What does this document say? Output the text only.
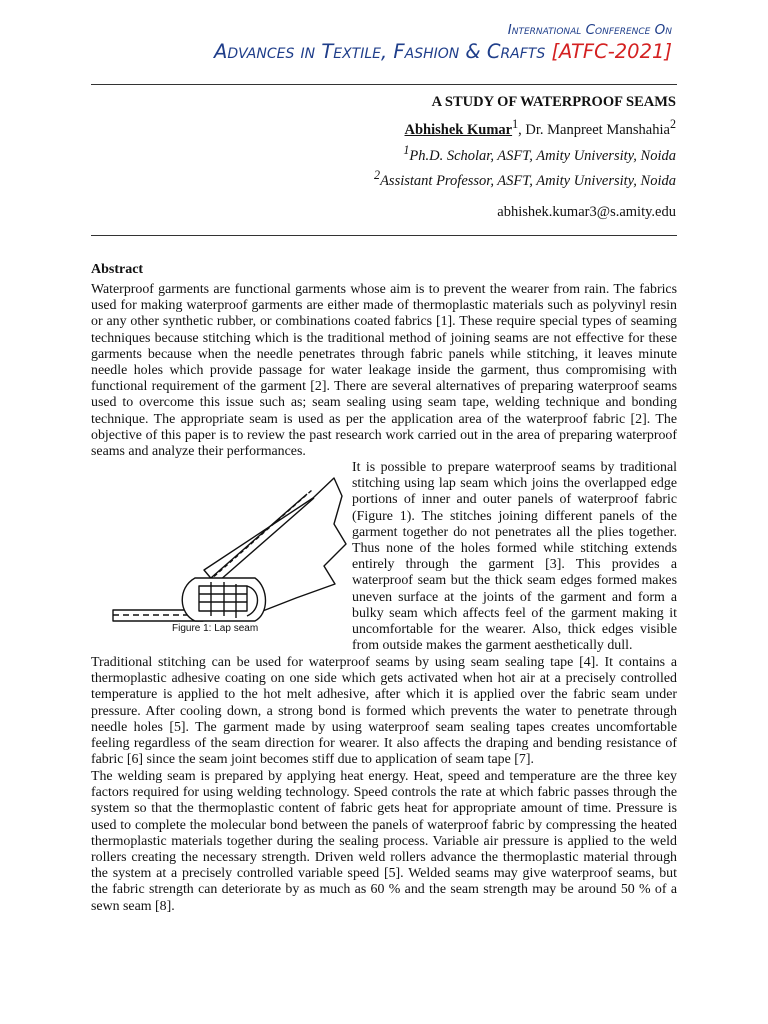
International Conference On
Advances in Textile, Fashion & Crafts [ATFC-2021]
A STUDY OF WATERPROOF SEAMS
Abhishek Kumar$^1$, Dr. Manpreet Manshahia$^2$
$^1$Ph.D. Scholar, ASFT, Amity University, Noida
$^2$Assistant Professor, ASFT, Amity University, Noida
abhishek.kumar3@s.amity.edu
Abstract

Waterproof garments are functional garments whose aim is to prevent the wearer from rain. The fabrics used for making waterproof garments are either made of thermoplastic materials such as polyvinyl resin or any other synthetic rubber, or combinations coated fabrics [1]. These require special types of seaming techniques because stitching which is the traditional method of joining seams are not effective for these garments because when the needle penetrates through fabric panels while stitching, it leaves minute needle holes which provide passage for water leakage inside the garment, thus compromising with functional requirement of the garment [2]. There are several alternatives of preparing waterproof seams used to overcome this issue such as; seam sealing using seam tape, welding technique and bonding technique. The appropriate seam is used as per the application area of the waterproof fabric [2]. The objective of this paper is to review the past research work carried out in the area of preparing waterproof seams and analyze their performances.

Figure 1: Lap seam

It is possible to prepare waterproof seams by traditional stitching using lap seam which joins the overlapped edge portions of inner and outer panels of waterproof fabric (Figure 1). The stitches joining different panels of the garment together do not penetrates all the plies together. Thus none of the holes formed while stitching extends entirely through the garment [3]. This provides a waterproof seam but the thick seam edges formed makes uneven surface at the joints of the garment and form a bulky seam which affects feel of the garment making it uncomfortable for the wearer. Also, thick edges visible from outside makes the garment aesthetically dull.

Traditional stitching can be used for waterproof seams by using seam sealing tape [4]. It contains a thermoplastic adhesive coating on one side which gets activated when hot air at a precisely controlled temperature is applied to the hot melt adhesive, after which it is applied over the fabric seam under pressure. After cooling down, a strong bond is formed which prevents the water to penetrate through needle holes [5]. The garment made by using waterproof seam sealing tapes creates uncomfortable feeling regardless of the seam direction for wearer. It also affects the draping and bending resistance of fabric [6] since the seam joint becomes stiff due to application of seam tape [7].

The welding seam is prepared by applying heat energy. Heat, speed and temperature are the three key factors required for using welding technology. Speed controls the rate at which fabric passes through the system so that the thermoplastic content of fabric gets heat for appropriate amount of time. Pressure is used to complete the molecular bond between the panels of waterproof fabric by compressing the heated thermoplastic materials together during the sealing process. Variable air pressure is applied to the weld rollers creating the necessary strength. Driven weld rollers advance the thermoplastic material through the system at a precisely controlled variable speed [5]. Welded seams may give waterproof seams, but the fabric strength can deteriorate by as much as 60 % and the seam strength may be around 50 % of a sewn seam [8].
